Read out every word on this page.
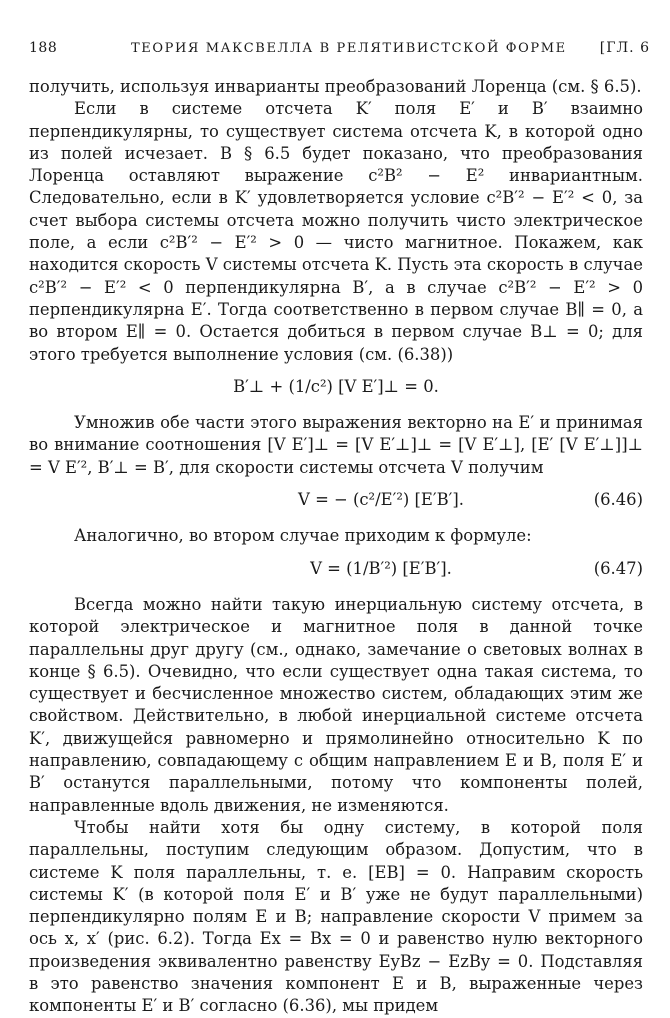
188	ТЕОРИЯ МАКСВЕЛЛА В РЕЛЯТИВИСТСКОЙ ФОРМЕ [ГЛ. 6

получить, используя инварианты преобразований Лоренца (см. § 6.5).

Если в системе отсчета K′ поля E′ и B′ взаимно перпендикулярны, то существует система отсчета K, в которой одно из полей исчезает. В § 6.5 будет показано, что преобразования Лоренца оставляют выражение c²B² − E² инвариантным. Следовательно, если в K′ удовлетворяется условие c²B′² − E′² < 0, за счет выбора системы отсчета можно получить чисто электрическое поле, а если c²B′² − E′² > 0 — чисто магнитное. Покажем, как находится скорость V системы отсчета K. Пусть эта скорость в случае c²B′² − E′² < 0 перпендикулярна B′, а в случае c²B′² − E′² > 0 перпендикулярна E′. Тогда соответственно в первом случае B∥ = 0, а во втором E∥ = 0. Остается добиться в первом случае B⊥ = 0; для этого требуется выполнение условия (см. (6.38))

B′⊥ + (1/c²) [V E′]⊥ = 0.

Умножив обе части этого выражения векторно на E′ и принимая во внимание соотношения [V E′]⊥ = [V E′⊥]⊥ = [V E′⊥], [E′ [V E′⊥]]⊥ = V E′², B′⊥ = B′, для скорости системы отсчета V получим

V = − (c²/E′²) [E′B′].	(6.46)

Аналогично, во втором случае приходим к формуле:

V = (1/B′²) [E′B′].	(6.47)

Всегда можно найти такую инерциальную систему отсчета, в которой электрическое и магнитное поля в данной точке параллельны друг другу (см., однако, замечание о световых волнах в конце § 6.5). Очевидно, что если существует одна такая система, то существует и бесчисленное множество систем, обладающих этим же свойством. Действительно, в любой инерциальной системе отсчета K′, движущейся равномерно и прямолинейно относительно K по направлению, совпадающему с общим направлением E и B, поля E′ и B′ останутся параллельными, потому что компоненты полей, направленные вдоль движения, не изменяются.

Чтобы найти хотя бы одну систему, в которой поля параллельны, поступим следующим образом. Допустим, что в системе K поля параллельны, т. е. [EB] = 0. Направим скорость системы K′ (в которой поля E′ и B′ уже не будут параллельными) перпендикулярно полям E и B; направление скорости V примем за ось x, x′ (рис. 6.2). Тогда Ex = Bx = 0 и равенство нулю векторного произведения эквивалентно равенству EyBz − EzBy = 0. Подставляя в это равенство значения компонент E и B, выраженные через компоненты E′ и B′ согласно (6.36), мы придем
